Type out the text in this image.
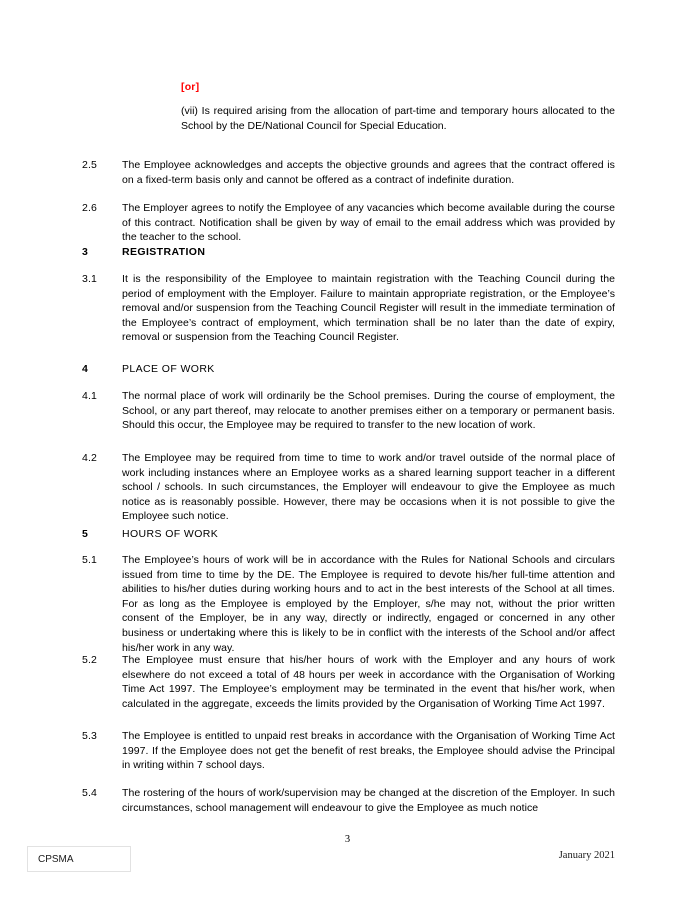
[or]
(vii) Is required arising from the allocation of part-time and temporary hours allocated to the School by the DE/National Council for Special Education.
2.5	The Employee acknowledges and accepts the objective grounds and agrees that the contract offered is on a fixed-term basis only and cannot be offered as a contract of indefinite duration.
2.6	The Employer agrees to notify the Employee of any vacancies which become available during the course of this contract. Notification shall be given by way of email to the email address which was provided by the teacher to the school.
3	REGISTRATION
3.1	It is the responsibility of the Employee to maintain registration with the Teaching Council during the period of employment with the Employer. Failure to maintain appropriate registration, or the Employee’s removal and/or suspension from the Teaching Council Register will result in the immediate termination of the Employee’s contract of employment, which termination shall be no later than the date of expiry, removal or suspension from the Teaching Council Register.
4	PLACE OF WORK
4.1	The normal place of work will ordinarily be the School premises. During the course of employment, the School, or any part thereof, may relocate to another premises either on a temporary or permanent basis. Should this occur, the Employee may be required to transfer to the new location of work.
4.2	The Employee may be required from time to time to work and/or travel outside of the normal place of work including instances where an Employee works as a shared learning support teacher in a different school / schools. In such circumstances, the Employer will endeavour to give the Employee as much notice as is reasonably possible. However, there may be occasions when it is not possible to give the Employee such notice.
5	HOURS OF WORK
5.1	The Employee’s hours of work will be in accordance with the Rules for National Schools and circulars issued from time to time by the DE. The Employee is required to devote his/her full-time attention and abilities to his/her duties during working hours and to act in the best interests of the School at all times. For as long as the Employee is employed by the Employer, s/he may not, without the prior written consent of the Employer, be in any way, directly or indirectly, engaged or concerned in any other business or undertaking where this is likely to be in conflict with the interests of the School and/or affect his/her work in any way.
5.2	The Employee must ensure that his/her hours of work with the Employer and any hours of work elsewhere do not exceed a total of 48 hours per week in accordance with the Organisation of Working Time Act 1997. The Employee’s employment may be terminated in the event that his/her work, when calculated in the aggregate, exceeds the limits provided by the Organisation of Working Time Act 1997.
5.3	The Employee is entitled to unpaid rest breaks in accordance with the Organisation of Working Time Act 1997. If the Employee does not get the benefit of rest breaks, the Employee should advise the Principal in writing within 7 school days.
5.4	The rostering of the hours of work/supervision may be changed at the discretion of the Employer. In such circumstances, school management will endeavour to give the Employee as much notice
3
CPSMA	January 2021
